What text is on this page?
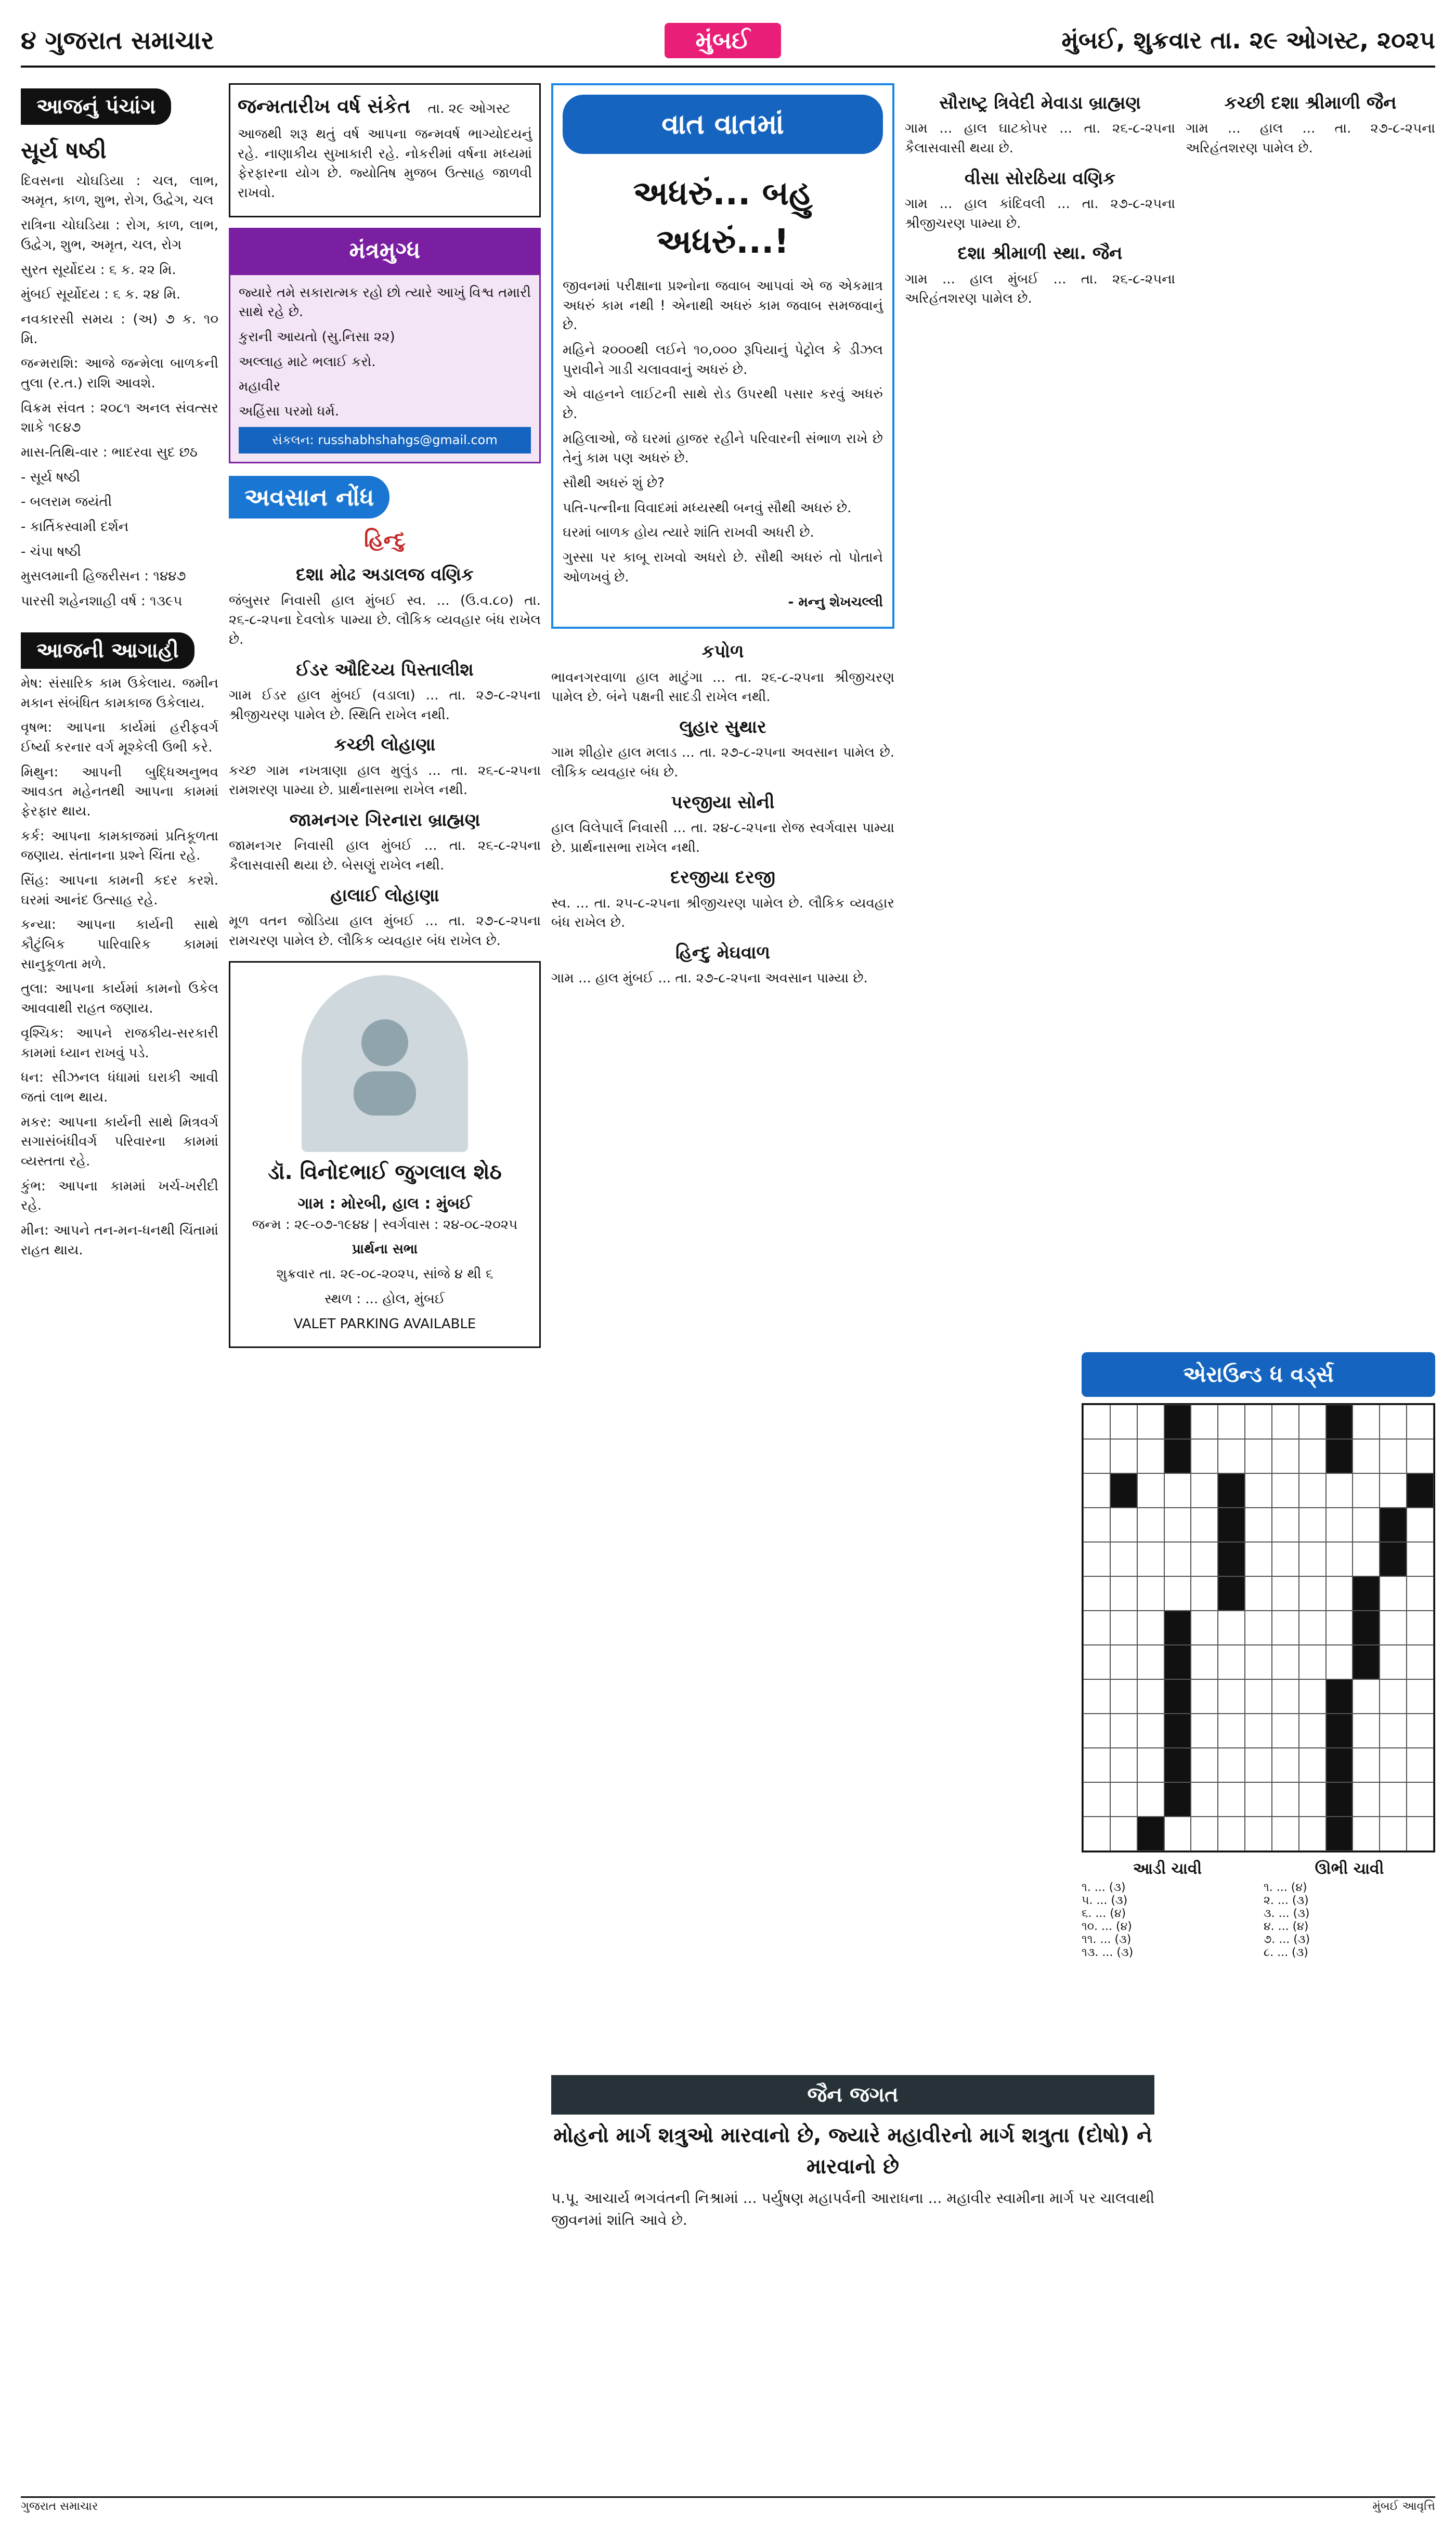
૪ ગુજરાત સમાચાર	મુંબઈ	મુંબઈ, શુક્રવાર તા. ૨૯ ઓગસ્ટ, ૨૦૨૫
આજનું પંચાંગ
સૂર્ય ષષ્ઠી

દિવસના ચોઘડિયા : ચલ, લાભ, અમૃત, કાળ, શુભ, રોગ, ઉદ્વેગ, ચલ

રાત્રિના ચોઘડિયા : રોગ, કાળ, લાભ, ઉદ્વેગ, શુભ, અમૃત, ચલ, રોગ

સુરત સૂર્યોદય : ૬ ક. ૨૨ મિ.

મુંબઈ સૂર્યોદય : ૬ ક. ૨૪ મિ.

નવકારસી સમય : (અ) ૭ ક. ૧૦ મિ.

જન્મરાશિ: આજે જન્મેલા બાળકની તુલા (ર.ત.) રાશિ આવશે.

વિક્રમ સંવત : ૨૦૮૧ અનલ સંવત્સર શાકે ૧૯૪૭

માસ-તિથિ-વાર : ભાદરવા સુદ છઠ

- સૂર્ય ષષ્ઠી

- બલરામ જયંતી

- કાર્તિકસ્વામી દર્શન

- ચંપા ષષ્ઠી

મુસલમાની હિજરીસન : ૧૪૪૭

પારસી શહેનશાહી વર્ષ : ૧૩૯૫

આજની આગાહી

મેષ: સંસારિક કામ ઉકેલાય. જમીન મકાન સંબંધિત કામકાજ ઉકેલાય.

વૃષભ: આપના કાર્યમાં હરીફવર્ગ ઈર્ષ્યા કરનાર વર્ગ મૂશ્કેલી ઉભી કરે.

મિથુન: આપની બુદ્ધિઅનુભવ આવડત મહેનતથી આપના કામમાં ફેરફાર થાય.

કર્ક: આપના કામકાજમાં પ્રતિકૂળતા જણાય. સંતાનના પ્રશ્ને ચિંતા રહે.

સિંહ: આપના કામની કદર કરશે. ઘરમાં આનંદ ઉત્સાહ રહે.

કન્યા: આપના કાર્યની સાથે કૌટુંબિક પારિવારિક કામમાં સાનુકૂળતા મળે.

તુલા: આપના કાર્યમાં કામનો ઉકેલ આવવાથી રાહત જણાય.

વૃશ્ચિક: આપને રાજકીય-સરકારી કામમાં ધ્યાન રાખવું પડે.

ધન: સીઝનલ ધંધામાં ઘરાકી આવી જતાં લાભ થાય.

મકર: આપના કાર્યની સાથે મિત્રવર્ગ સગાસંબંધીવર્ગ પરિવારના કામમાં વ્યસ્તતા રહે.

કુંભ: આપના કામમાં ખર્ચ-ખરીદી રહે.

મીન: આપને તન-મન-ધનથી ચિંતામાં રાહત થાય.

જન્મતારીખ વર્ષ સંકેત તા. ૨૯ ઓગસ્ટ

આજથી શરૂ થતું વર્ષ આપના જન્મવર્ષ ભાગ્યોદયનું રહે. નાણાકીય સુખાકારી રહે. નોકરીમાં વર્ષના મધ્યમાં ફેરફારના યોગ છે. જ્યોતિષ મુજબ ઉત્સાહ જાળવી રાખવો.

મંત્રમુગ્ધ

જ્યારે તમે સકારાત્મક રહો છો ત્યારે આખું વિશ્વ તમારી સાથે રહે છે.

કુરાની આયતો (સુ.નિસા ૨૨)

અલ્લાહ માટે ભલાઈ કરો.

મહાવીર

અહિંસા પરમો ધર્મ.

સંકલન: russhabhshahgs@gmail.com
અવસાન નોંધ
હિન્દુ
દશા મોઢ અડાલજ વણિક

જંબુસર નિવાસી હાલ મુંબઈ સ્વ. ... (ઉ.વ.૮૦) તા. ૨૬-૮-૨૫ના દેવલોક પામ્યા છે. લૌકિક વ્યવહાર બંધ રાખેલ છે.

ઈડર ઔદિચ્ય પિસ્તાલીશ

ગામ ઈડર હાલ મુંબઈ (વડાલા) ... તા. ૨૭-૮-૨૫ના શ્રીજીચરણ પામેલ છે. સ્થિતિ રાખેલ નથી.

કચ્છી લોહાણા

કચ્છ ગામ નખત્રાણા હાલ મુલુંડ ... તા. ૨૬-૮-૨૫ના રામશરણ પામ્યા છે. પ્રાર્થનાસભા રાખેલ નથી.

જામનગર ગિરનારા બ્રાહ્મણ

જામનગર નિવાસી હાલ મુંબઈ ... તા. ૨૬-૮-૨૫ના કૈલાસવાસી થયા છે. બેસણું રાખેલ નથી.

હાલાઈ લોહાણા

મૂળ વતન જોડિયા હાલ મુંબઈ ... તા. ૨૭-૮-૨૫ના રામચરણ પામેલ છે. લૌકિક વ્યવહાર બંધ રાખેલ છે.

ડૉ. વિનોદભાઈ જુગલાલ શેઠ
ગામ : મોરબી, હાલ : મુંબઈ

જન્મ : ૨૯-૦૭-૧૯૪૪ | સ્વર્ગવાસ : ૨૪-૦૮-૨૦૨૫

પ્રાર્થના સભા

શુક્રવાર તા. ૨૯-૦૮-૨૦૨૫, સાંજે ૪ થી ૬

સ્થળ : ... હોલ, મુંબઈ

VALET PARKING AVAILABLE

વાત વાતમાં
અધરું... બહુ અધરું...!

જીવનમાં પરીક્ષાના પ્રશ્નોના જવાબ આપવાં એ જ એકમાત્ર અધરું કામ નથી ! એનાથી અધરું કામ જવાબ સમજવાનું છે.

મહિને ૨૦૦૦થી લઈને ૧૦,૦૦૦ રૂપિયાનું પેટ્રોલ કે ડીઝલ પુરાવીને ગાડી ચલાવવાનું અધરું છે.

એ વાહનને લાઈટની સાથે રોડ ઉપરથી પસાર કરવું અધરું છે.

મહિલાઓ, જે ઘરમાં હાજર રહીને પરિવારની સંભાળ રાખે છે તેનું કામ પણ અધરું છે.

સૌથી અધરું શું છે?

પતિ-પત્નીના વિવાદમાં મધ્યસ્થી બનવું સૌથી અધરું છે.

ઘરમાં બાળક હોય ત્યારે શાંતિ રાખવી અધરી છે.

ગુસ્સા પર કાબૂ રાખવો અધરો છે. સૌથી અધરું તો પોતાને ઓળખવું છે.

- મન્નુ શેખચલ્લી

કપોળ

ભાવનગરવાળા હાલ માટુંગા ... તા. ૨૬-૮-૨૫ના શ્રીજીચરણ પામેલ છે. બંને પક્ષની સાદડી રાખેલ નથી.

લુહાર સુથાર

ગામ શીહોર હાલ મલાડ ... તા. ૨૭-૮-૨૫ના અવસાન પામેલ છે. લૌકિક વ્યવહાર બંધ છે.

પરજીયા સોની

હાલ વિલેપાર્લે નિવાસી ... તા. ૨૪-૮-૨૫ના રોજ સ્વર્ગવાસ પામ્યા છે. પ્રાર્થનાસભા રાખેલ નથી.

દરજીયા દરજી

સ્વ. ... તા. ૨૫-૮-૨૫ના શ્રીજીચરણ પામેલ છે. લૌકિક વ્યવહાર બંધ રાખેલ છે.

હિન્દુ મેઘવાળ

ગામ ... હાલ મુંબઈ ... તા. ૨૭-૮-૨૫ના અવસાન પામ્યા છે.

સૌરાષ્ટ્ર ત્રિવેદી મેવાડા બ્રાહ્મણ

ગામ ... હાલ ઘાટકોપર ... તા. ૨૬-૮-૨૫ના કૈલાસવાસી થયા છે.

વીસા સોરઠિયા વણિક

ગામ ... હાલ કાંદિવલી ... તા. ૨૭-૮-૨૫ના શ્રીજીચરણ પામ્યા છે.

દશા શ્રીમાળી સ્થા. જૈન

ગામ ... હાલ મુંબઈ ... તા. ૨૬-૮-૨૫ના અરિહંતશરણ પામેલ છે.

કચ્છી દશા શ્રીમાળી જૈન

ગામ ... હાલ ... તા. ૨૭-૮-૨૫ના અરિહંતશરણ પામેલ છે.

જૈન જગત
મોહનો માર્ગ શત્રુઓ મારવાનો છે, જ્યારે મહાવીરનો માર્ગ શત્રુતા (દોષો) ને મારવાનો છે

પ.પૂ. આચાર્ય ભગવંતની નિશ્રામાં ... પર્યુષણ મહાપર્વની આરાધના ... મહાવીર સ્વામીના માર્ગ પર ચાલવાથી જીવનમાં શાંતિ આવે છે.

એરાઉન્ડ ધ વર્ડ્સ
આડી ચાવી

૧. ... (૩)

૫. ... (૩)

૬. ... (૪)

૧૦. ... (૪)

૧૧. ... (૩)

૧૩. ... (૩)

ઊભી ચાવી

૧. ... (૪)

૨. ... (૩)

૩. ... (૩)

૪. ... (૪)

૭. ... (૩)

૮. ... (૩)

ગુજરાત સમાચાર	મુંબઈ આવૃત્તિ
